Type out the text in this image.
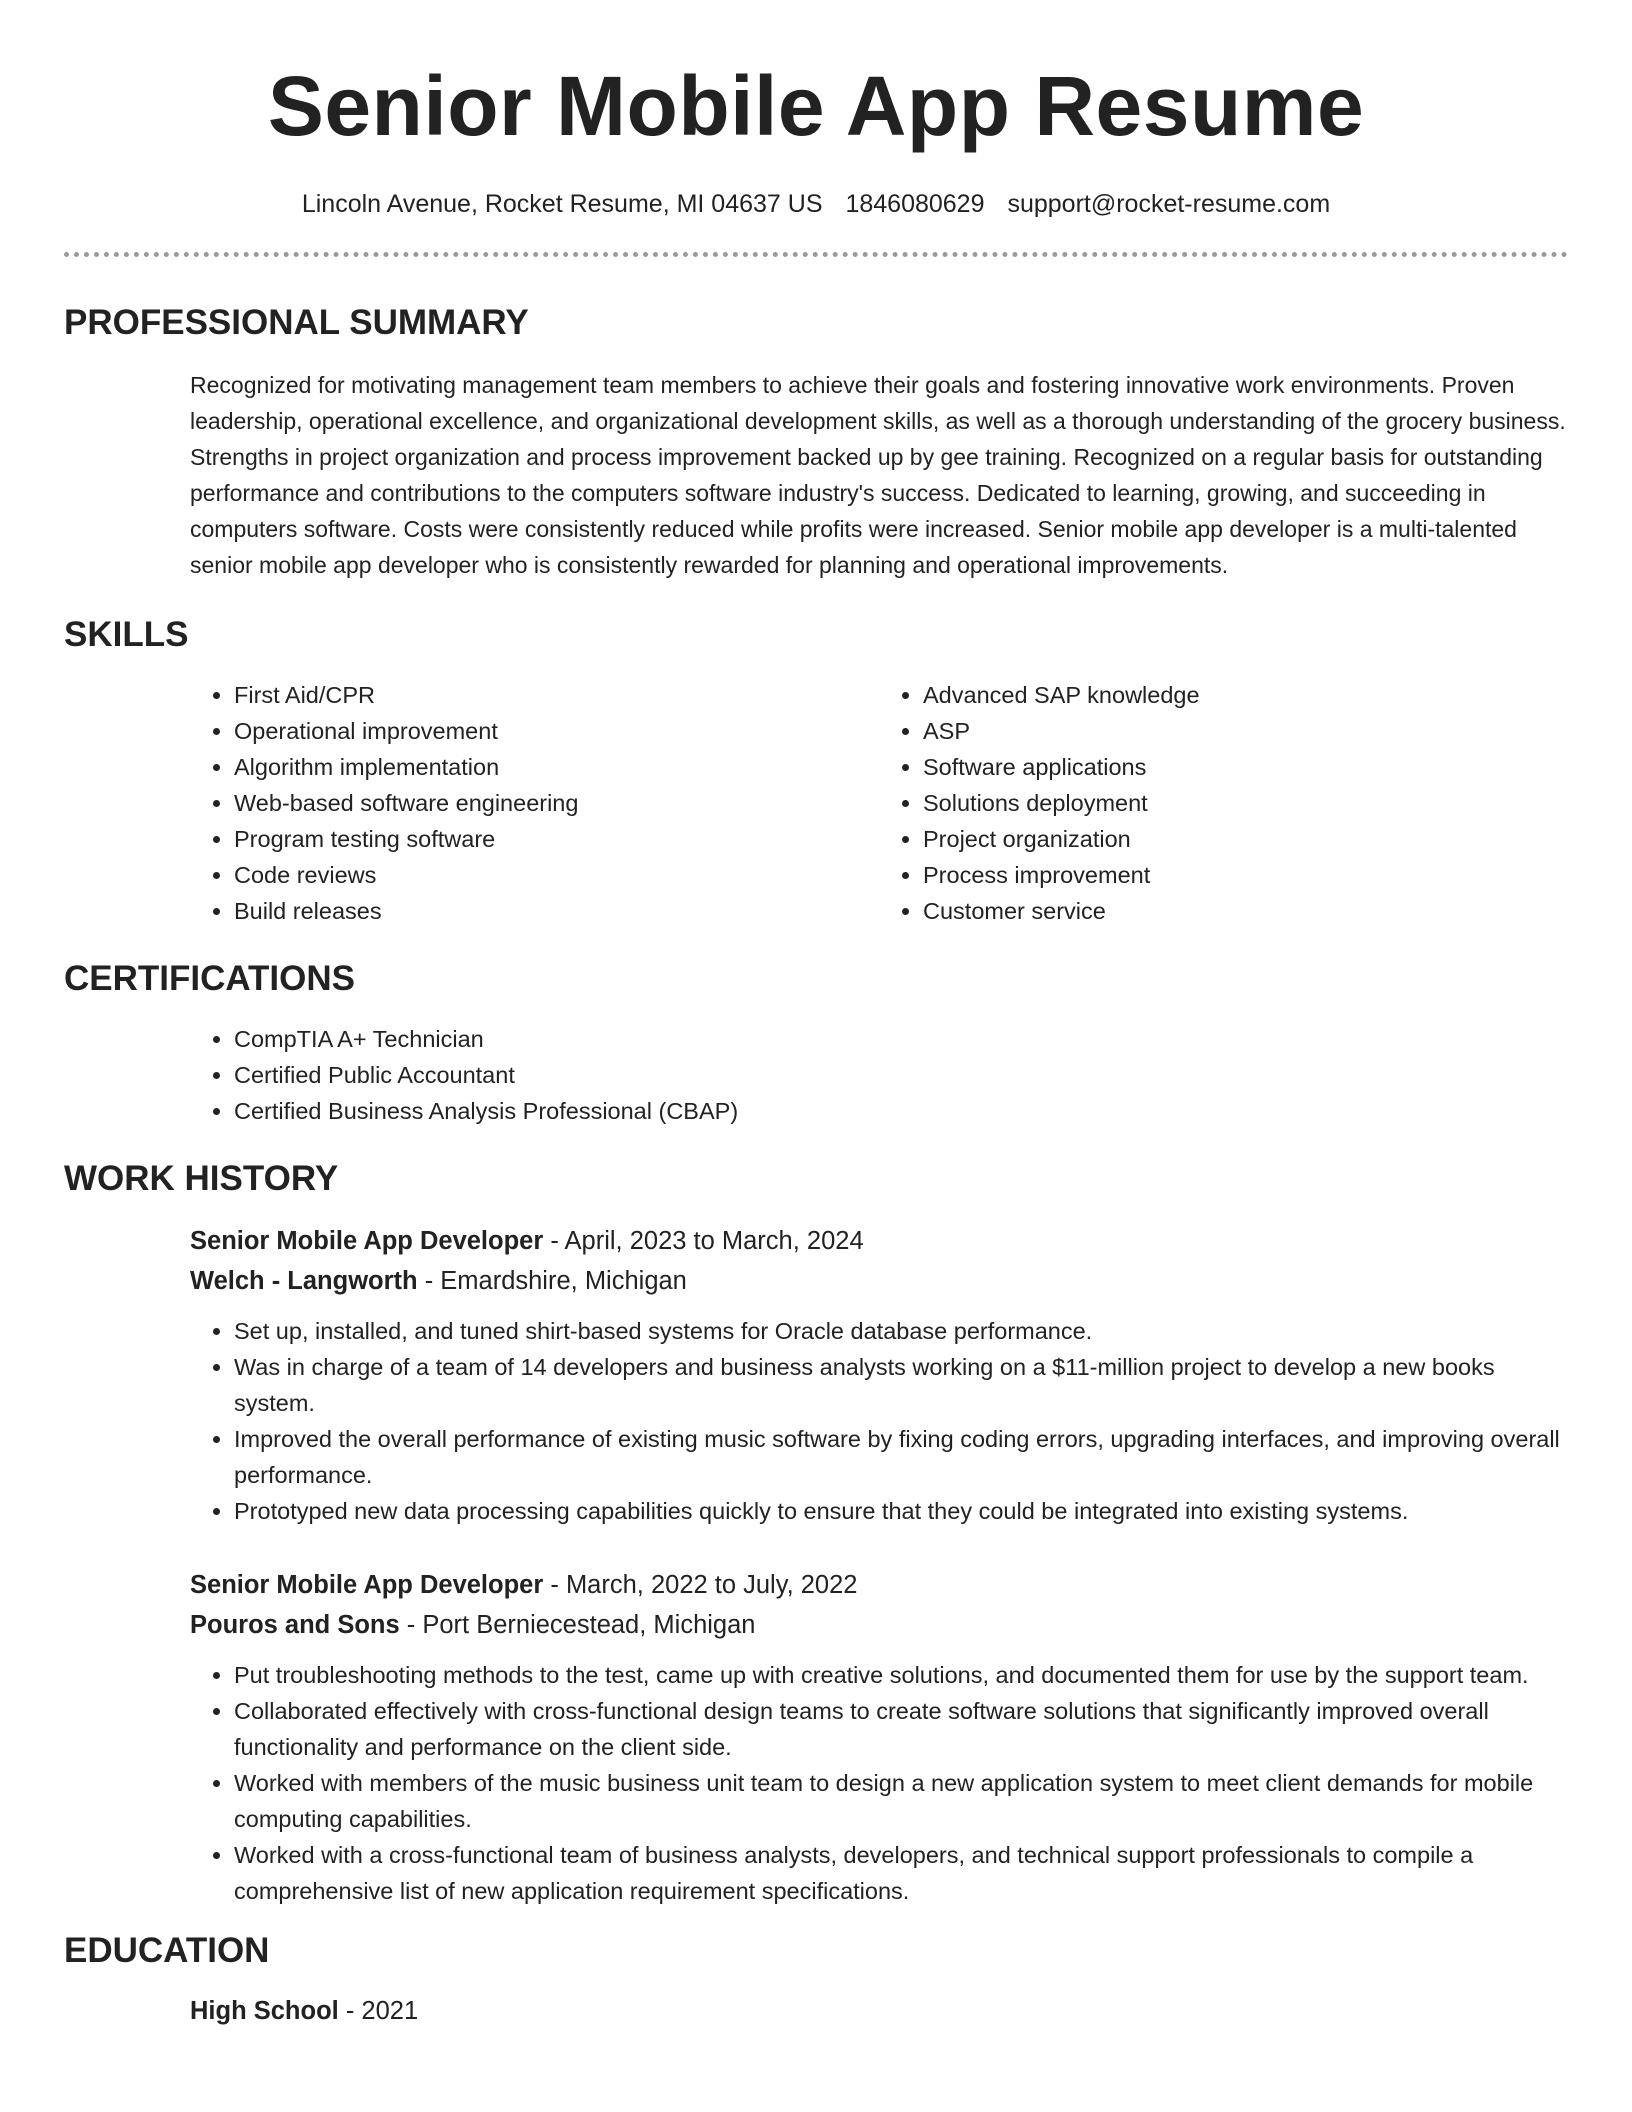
Senior Mobile App Resume
Lincoln Avenue, Rocket Resume, MI 04637 US 1846080629 support@rocket-resume.com
PROFESSIONAL SUMMARY
Recognized for motivating management team members to achieve their goals and fostering innovative work environments. Proven leadership, operational excellence, and organizational development skills, as well as a thorough understanding of the grocery business. Strengths in project organization and process improvement backed up by gee training. Recognized on a regular basis for outstanding performance and contributions to the computers software industry's success. Dedicated to learning, growing, and succeeding in computers software. Costs were consistently reduced while profits were increased. Senior mobile app developer is a multi-talented senior mobile app developer who is consistently rewarded for planning and operational improvements.
SKILLS
• First Aid/CPR
• Operational improvement
• Algorithm implementation
• Web-based software engineering
• Program testing software
• Code reviews
• Build releases
• Advanced SAP knowledge
• ASP
• Software applications
• Solutions deployment
• Project organization
• Process improvement
• Customer service
CERTIFICATIONS
• CompTIA A+ Technician
• Certified Public Accountant
• Certified Business Analysis Professional (CBAP)
WORK HISTORY
Senior Mobile App Developer - April, 2023 to March, 2024
Welch - Langworth - Emardshire, Michigan
• Set up, installed, and tuned shirt-based systems for Oracle database performance.
• Was in charge of a team of 14 developers and business analysts working on a $11-million project to develop a new books system.
• Improved the overall performance of existing music software by fixing coding errors, upgrading interfaces, and improving overall performance.
• Prototyped new data processing capabilities quickly to ensure that they could be integrated into existing systems.
Senior Mobile App Developer - March, 2022 to July, 2022
Pouros and Sons - Port Berniecestead, Michigan
• Put troubleshooting methods to the test, came up with creative solutions, and documented them for use by the support team.
• Collaborated effectively with cross-functional design teams to create software solutions that significantly improved overall functionality and performance on the client side.
• Worked with members of the music business unit team to design a new application system to meet client demands for mobile computing capabilities.
• Worked with a cross-functional team of business analysts, developers, and technical support professionals to compile a comprehensive list of new application requirement specifications.
EDUCATION
High School - 2021
